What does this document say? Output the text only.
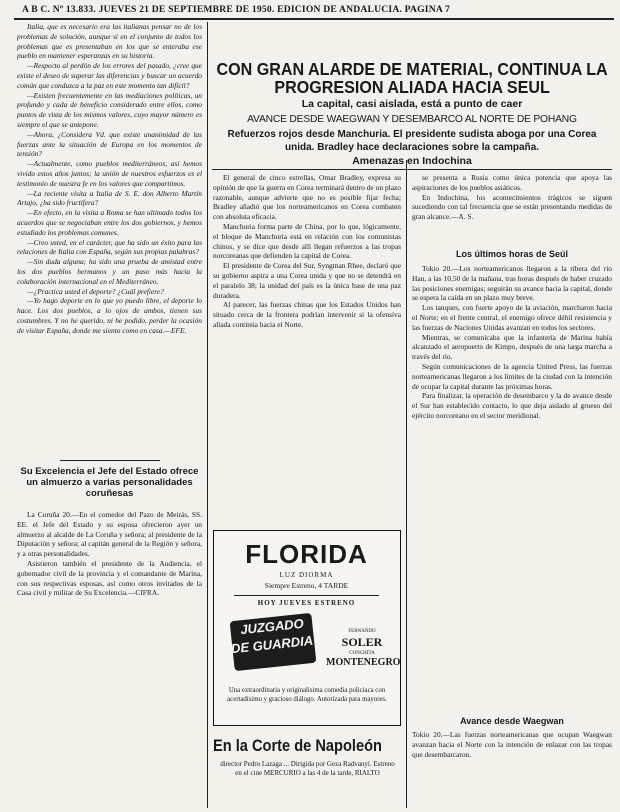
A B C. Nº 13.833. JUEVES 21 DE SEPTIEMBRE DE 1950. EDICION DE ANDALUCIA. PAGINA 7

Italia, que es necesario era las italianas pensar no de los problemas de solución, aunque sí en el conjunto de todos los problemas que es presentaban en los que se enteraba ese pueblo en mantener esperanzas en su historia.

—Respecto al perdón de los errores del pasado, ¿cree que existe el deseo de superar las diferencias y buscar un acuerdo común que conduzca a la paz en este momento tan difícil?

—Existen frecuentemente en las mediaciones políticas, un profundo y cada de beneficio considerado entre ellos, como puntos de vista de los mismos valores, cuyo mayor número es siempre el que se antepone.

—Ahora, ¿Considera Vd. que existe unanimidad de las fuerzas ante la situación de Europa en los momentos de tensión?

—Actualmente, como pueblos mediterráneos, así hemos vivido estos años juntos; la unión de nuestros esfuerzos es el testimonio de nuestra fe en los valores que compartimos.

—La reciente visita a Italia de S. E. don Alberto Martín Artajo, ¿ha sido fructífera?

—En efecto, en la visita a Roma se han ultimado todos los acuerdos que se negociaban entre los dos gobiernos, y hemos estudiado los problemas comunes.

—Creo usted, en el carácter, que ha sido un éxito para las relaciones de Italia con España, según sus propias palabras?

—Sin duda alguna; ha sido una prueba de amistad entre los dos pueblos hermanos y un paso más hacia la colaboración internacional en el Mediterráneo.

—¿Practica usted el deporte? ¿Cuál prefiere?

—Yo hago deporte en lo que yo puedo libre, el deporte lo hace. Los dos pueblos, a lo ojos de ambos, tienen sus costumbres. Y no he querido, ni he podido, perder la ocasión de visitar España, donde me siento como en casa.—EFE.

Su Excelencia el Jefe del Estado ofrece un almuerzo a varias personalidades coruñesas

La Coruña 20.—En el comedor del Pazo de Meirás, SS. EE. el Jefe del Estado y su esposa ofrecieron ayer un almuerzo al alcalde de La Coruña y señora; al presidente de la Diputación y señora; al capitán general de la Región y señora, y a otras personalidades.

Asistieron también el presidente de la Audiencia, el gobernador civil de la provincia y el comandante de Marina, con sus respectivas esposas, así como otros invitados de la Casa civil y militar de Su Excelencia.—CIFRA.

CON GRAN ALARDE DE MATERIAL, CONTINUA LA PROGRESION ALIADA HACIA SEUL
La capital, casi aislada, está a punto de caer
AVANCE DESDE WAEGWAN Y DESEMBARCO AL NORTE DE POHANG
Refuerzos rojos desde Manchuria. El presidente sudista aboga por una Corea unida. Bradley hace declaraciones sobre la campaña.
Amenazas en Indochina

El general de cinco estrellas, Omar Bradley, expresa su opinión de que la guerra en Corea terminará dentro de un plazo razonable, aunque advierte que no es posible fijar fecha; Bradley añadió que los norteamericanos en Corea combaten con absoluta eficacia.

Manchuria forma parte de China, por lo que, lógicamente, el bloque de Manchuria está en relación con los comunistas chinos, y se dice que desde allí llegan refuerzos a las tropas norcoreanas que defienden la capital de Corea.

El presidente de Corea del Sur, Syngman Rhee, declaró que su gobierno aspira a una Corea unida y que no se detendrá en el paralelo 38; la unidad del país es la única base de una paz duradera.

Al parecer, las fuerzas chinas que los Estados Unidos han situado cerca de la frontera podrían intervenir si la ofensiva aliada continúa hacia el Norte.

FLORIDA
LUZ DIORMA
Siempre Estreno, 4 TARDE
HOY JUEVES ESTRENO
JUZGADO
DE GUARDIA
FERNANDO
SOLER
CONCHITA
MONTENEGRO
Una extraordinaria y originalisima comedia policiaca con acertadísimo y gracioso diálogo. Autorizada para mayores.
En la Corte de Napoleón
director Pedro Lazaga ... Dirigida por Geza Radvanyi. Estreno en el cine MERCURIO a las 4 de la tarde, RIALTO

se presenta a Rusia como única potencia que apoya las aspiraciones de los pueblos asiáticos.

En Indochina, los acontecimientos trágicos se siguen sucediendo con tal frecuencia que se están presentando medidas de gran alcance.—A. S.

Los últimos horas de Seúl

Tokio 20.—Los norteamericanos llegaron a la ribera del río Han, a las 10,50 de la mañana, tras horas después de haber cruzado las posiciones enemigas; seguirán su avance hacia la capital, donde se espera la caída en un plazo muy breve.

Los tanques, con fuerte apoyo de la aviación, marcharon hacia el Norte; en el frente central, el enemigo ofrece débil resistencia y las fuerzas de Naciones Unidas avanzan en todos los sectores.

Mientras, se comunicaba que la infantería de Marina había alcanzado el aeropuerto de Kimpo, después de una larga marcha a través del río.

Según comunicaciones de la agencia United Press, las fuerzas norteamericanas llegaron a los límites de la ciudad con la intención de ocupar la capital durante las próximas horas.

Para finalizar, la operación de desembarco y la de avance desde el Sur han establecido contacto, lo que deja aislado al grueso del ejército norcoreano en el sector meridional.

Avance desde Waegwan
Tokio 20.—Las fuerzas norteamericanas que ocupan Waegwan avanzan hacia el Norte con la intención de enlazar con las tropas que desembarcaron.
